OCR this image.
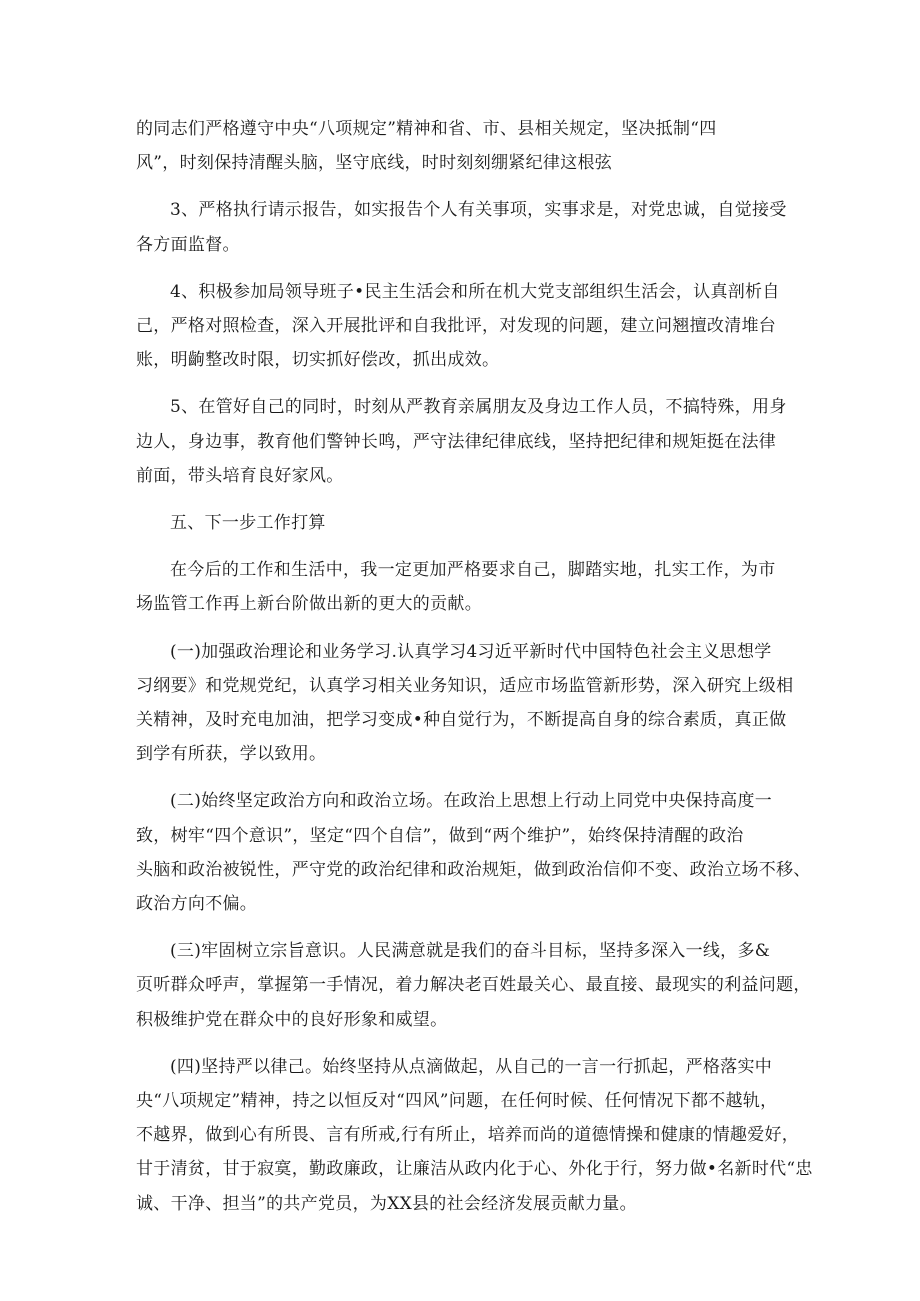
的同志们严格遵守中央“八项规定”精神和省、市、县相关规定，坚决抵制“四
风”，时刻保持清醒头脑，坚守底线，时时刻刻绷紧纪律这根弦

3、严格执行请示报告，如实报告个人有关事项，实事求是，对党忠诚，自觉接受
各方面监督。

4、积极参加局领导班子•民主生活会和所在机大党支部组织生活会，认真剖析自
己，严格对照检查，深入开展批评和自我批评，对发现的问题，建立问翘擅改清堆台
账，明齣整改时限，切实抓好偿改，抓出成效。

5、在管好自己的同时，时刻从严教育亲属朋友及身边工作人员，不搞特殊，用身
边人，身边事，教育他们警钟长鸣，严守法律纪律底线，坚持把纪律和规矩挺在法律
前面，带头培育良好家风。

五、下一步工作打算

在今后的工作和生活中，我一定更加严格要求自己，脚踏实地，扎实工作，为市
场监管工作再上新台阶做出新的更大的贡献。

(一)加强政治理论和业务学习.认真学习4习近平新时代中国特色社会主义思想学
习纲要》和党规党纪，认真学习相关业务知识，适应市场监管新形势，深入研究上级相
关精神，及时充电加油，把学习变成•种自觉行为，不断提高自身的综合素质，真正做
到学有所获，学以致用。

(二)始终坚定政治方向和政治立场。在政治上思想上行动上同党中央保持高度一
致，树牢“四个意识”，坚定“四个自信”，做到“两个维护”，始终保持清醒的政治
头脑和政治被锐性，严守党的政治纪律和政治规矩，做到政治信仰不变、政治立场不移、
政治方向不偏。

(三)牢固树立宗旨意识。人民满意就是我们的奋斗目标，坚持多深入一线，多&
页听群众呼声，掌握第一手情况，着力解决老百姓最关心、最直接、最现实的利益问题，
积极维护党在群众中的良好形象和威望。

(四)坚持严以律己。始终坚持从点滴做起，从自己的一言一行抓起，严格落实中
央“八项规定”精神，持之以恒反对“四风”问题，在任何时候、任何情况下都不越轨，
不越界，做到心有所畏、言有所戒,行有所止，培养而尚的道德情操和健康的情趣爱好，
甘于清贫，甘于寂寞，勤政廉政，让廉洁从政内化于心、外化于行，努力做•名新时代“忠
诚、干净、担当”的共产党员，为XX县的社会经济发展贡献力量。
